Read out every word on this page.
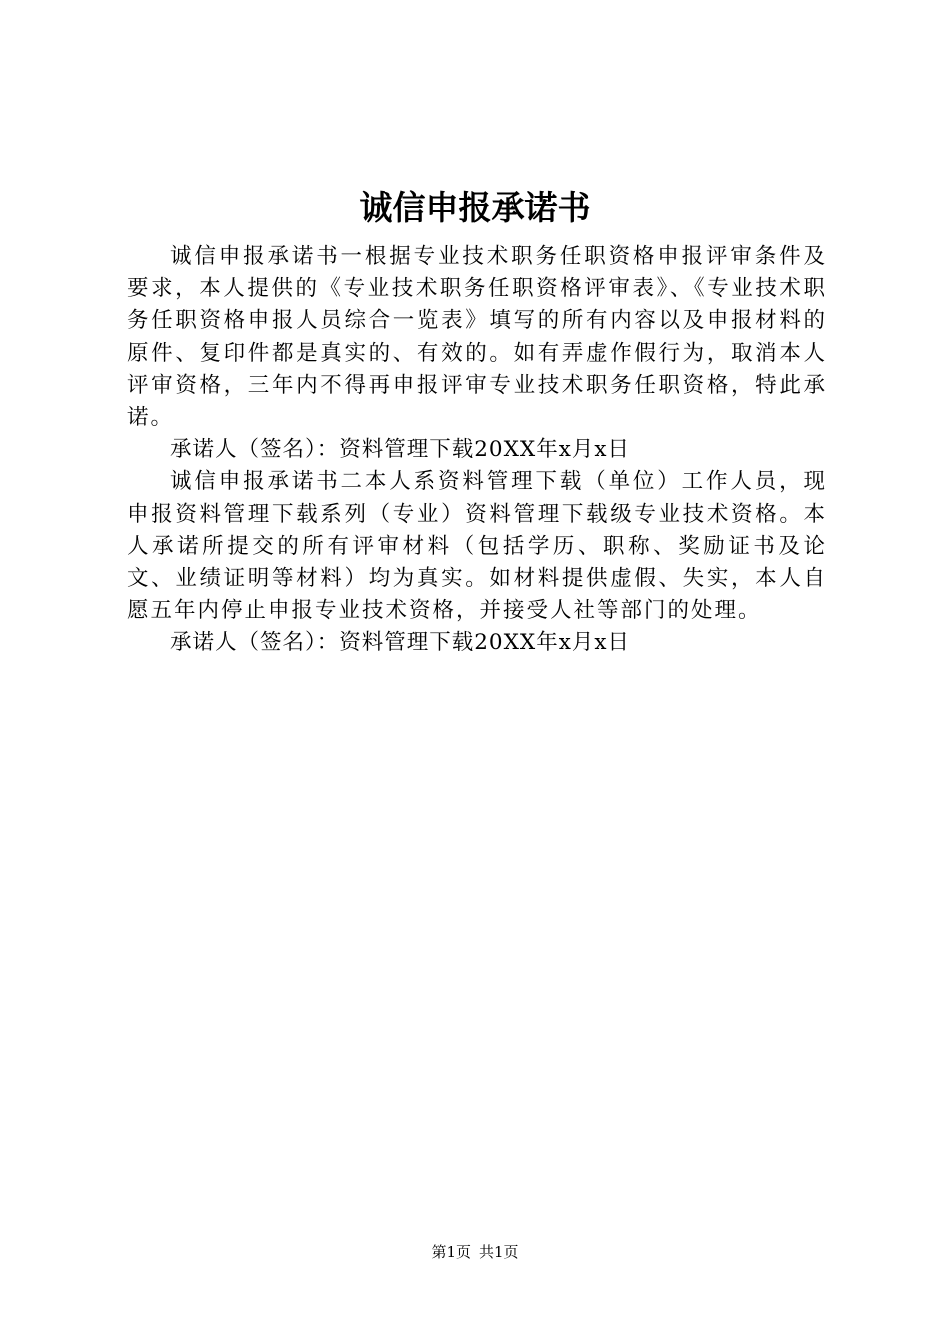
诚信申报承诺书

诚信申报承诺书一根据专业技术职务任职资格申报评审条件及要求，本人提供的《专业技术职务任职资格评审表》、《专业技术职务任职资格申报人员综合一览表》填写的所有内容以及申报材料的原件、复印件都是真实的、有效的。如有弄虚作假行为，取消本人评审资格，三年内不得再申报评审专业技术职务任职资格，特此承诺。

承诺人（签名）：资料管理下载20XX年x月x日

诚信申报承诺书二本人系资料管理下载（单位）工作人员，现申报资料管理下载系列（专业）资料管理下载级专业技术资格。本人承诺所提交的所有评审材料（包括学历、职称、奖励证书及论文、业绩证明等材料）均为真实。如材料提供虚假、失实，本人自愿五年内停止申报专业技术资格，并接受人社等部门的处理。

承诺人（签名）：资料管理下载20XX年x月x日

第1页 共1页
